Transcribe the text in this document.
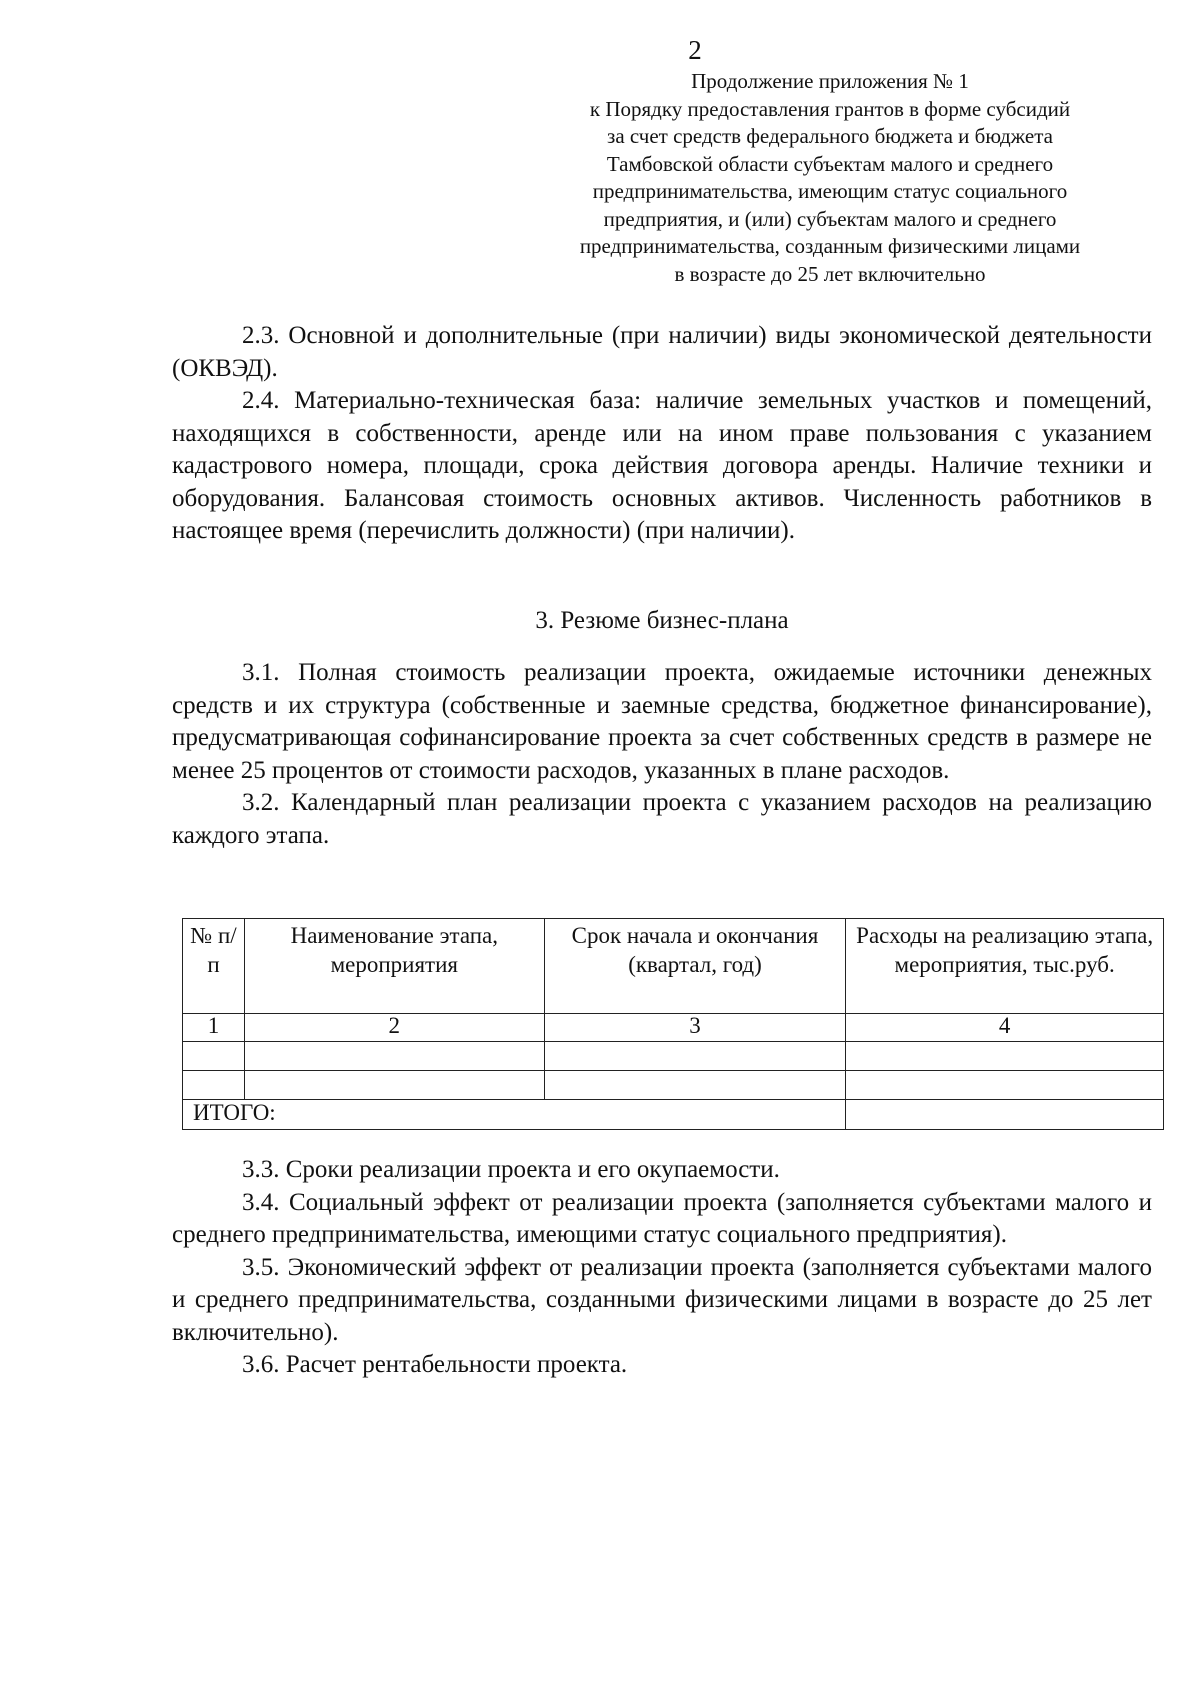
2
Продолжение приложения № 1
к Порядку предоставления грантов в форме субсидий
за счет средств федерального бюджета и бюджета
Тамбовской области субъектам малого и среднего
предпринимательства, имеющим статус социального
предприятия, и (или) субъектам малого и среднего
предпринимательства, созданным физическими лицами
в возрасте до 25 лет включительно

2.3. Основной и дополнительные (при наличии) виды экономической деятельности (ОКВЭД).

2.4. Материально-техническая база: наличие земельных участков и помещений, находящихся в собственности, аренде или на ином праве пользования с указанием кадастрового номера, площади, срока действия договора аренды. Наличие техники и оборудования. Балансовая стоимость основных активов. Численность работников в настоящее время (перечислить должности) (при наличии).

3. Резюме бизнес-плана

3.1. Полная стоимость реализации проекта, ожидаемые источники денежных средств и их структура (собственные и заемные средства, бюджетное финансирование), предусматривающая софинансирование проекта за счет собственных средств в размере не менее 25 процентов от стоимости расходов, указанных в плане расходов.

3.2. Календарный план реализации проекта с указанием расходов на реализацию каждого этапа.

№ п/п	Наименование этапа, мероприятия	Срок начала и окончания (квартал, год)	Расходы на реализацию этапа, мероприятия, тыс.руб.
1	2	3	4

ИТОГО:			

3.3. Сроки реализации проекта и его окупаемости.

3.4. Социальный эффект от реализации проекта (заполняется субъектами малого и среднего предпринимательства, имеющими статус социального предприятия).

3.5. Экономический эффект от реализации проекта (заполняется субъектами малого и среднего предпринимательства, созданными физическими лицами в возрасте до 25 лет включительно).

3.6. Расчет рентабельности проекта.
